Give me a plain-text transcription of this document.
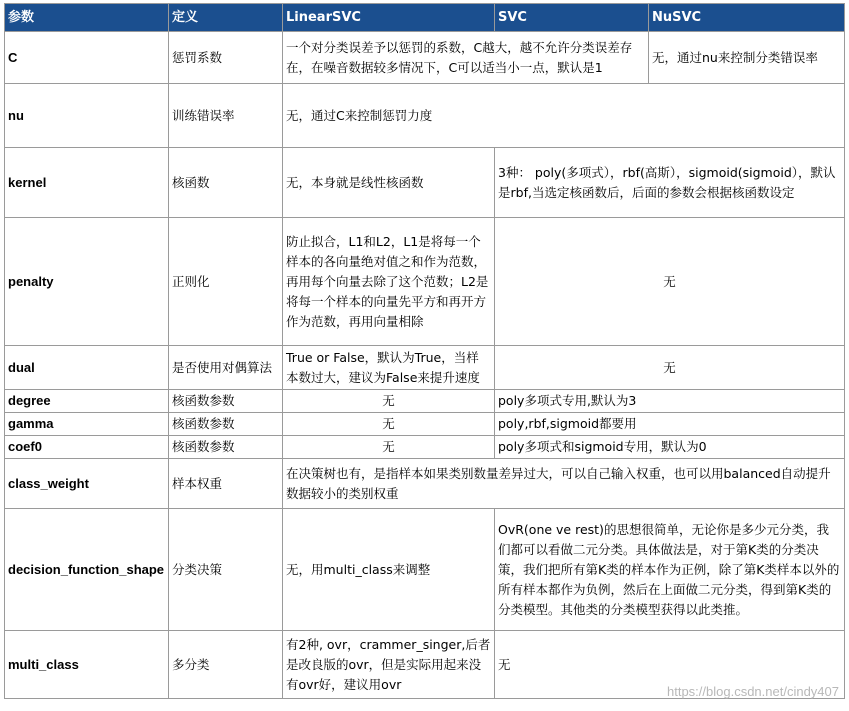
参数	定义	LinearSVC	SVC	NuSVC
C	惩罚系数	一个对分类误差予以惩罚的系数，C越大，越不允许分类误差存在，在噪音数据较多情况下，C可以适当小一点，默认是1		无，通过nu来控制分类错误率
nu	训练错误率	无，通过C来控制惩罚力度	
kernel	核函数	无，本身就是线性核函数	3种： poly(多项式），rbf(高斯），sigmoid(sigmoid），默认是rbf,当选定核函数后，后面的参数会根据核函数设定	
penalty	正则化	防止拟合，L1和L2，L1是将每一个样本的各向量绝对值之和作为范数，再用每个向量去除了这个范数；L2是将每一个样本的向量先平方和再开方作为范数，再用向量相除	无	
dual	是否使用对偶算法	True or False，默认为True，当样本数过大，建议为False来提升速度	无	
degree	核函数参数	无	poly多项式专用,默认为3	
gamma	核函数参数	无	poly,rbf,sigmoid都要用	
coef0	核函数参数	无	poly多项式和sigmoid专用，默认为0	
class_weight	样本权重	在决策树也有，是指样本如果类别数量差异过大，可以自己输入权重，也可以用balanced自动提升数据较小的类别权重		
decision_function_shape	分类决策	无，用multi_class来调整	OvR(one ve rest)的思想很简单，无论你是多少元分类，我们都可以看做二元分类。具体做法是，对于第K类的分类决策，我们把所有第K类的样本作为正例，除了第K类样本以外的所有样本都作为负例，然后在上面做二元分类，得到第K类的分类模型。其他类的分类模型获得以此类推。	
multi_class	多分类	有2种, ovr，crammer_singer,后者是改良版的ovr，但是实际用起来没有ovr好，建议用ovr	无	
https://blog.csdn.net/cindy407
